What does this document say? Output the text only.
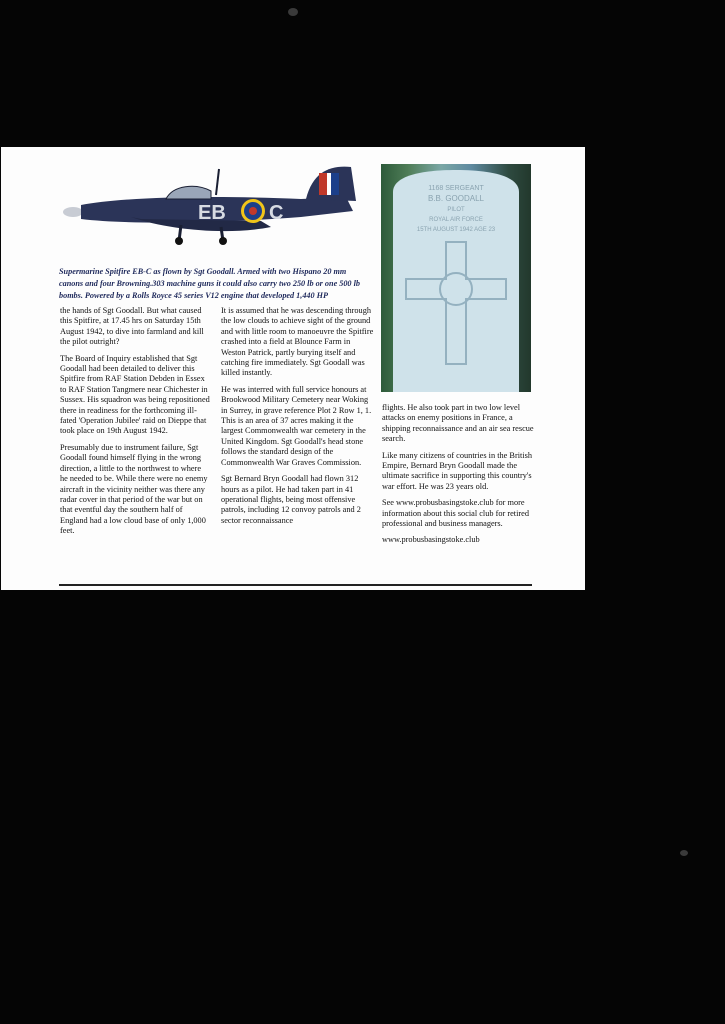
EB C

Supermarine Spitfire EB-C as flown by Sgt Goodall. Armed with two Hispano 20 mm canons and four Browning.303 machine guns it could also carry two 250 lb or one 500 lb bombs. Powered by a Rolls Royce 45 series V12 engine that developed 1,440 HP

1168 SERGEANT
B.B. GOODALL
PILOT
ROYAL AIR FORCE
15TH AUGUST 1942 AGE 23

the hands of Sgt Goodall. But what caused this Spitfire, at 17.45 hrs on Saturday 15th August 1942, to dive into farmland and kill the pilot outright?

The Board of Inquiry established that Sgt Goodall had been detailed to deliver this Spitfire from RAF Station Debden in Essex to RAF Station Tangmere near Chichester in Sussex. His squadron was being repositioned there in readiness for the forthcoming ill-fated 'Operation Jubilee' raid on Dieppe that took place on 19th August 1942.

Presumably due to instrument failure, Sgt Goodall found himself flying in the wrong direction, a little to the northwest to where he needed to be. While there were no enemy aircraft in the vicinity neither was there any radar cover in that period of the war but on that eventful day the southern half of England had a low cloud base of only 1,000 feet.

It is assumed that he was descending through the low clouds to achieve sight of the ground and with little room to manoeuvre the Spitfire crashed into a field at Blounce Farm in Weston Patrick, partly burying itself and catching fire immediately. Sgt Goodall was killed instantly.

He was interred with full service honours at Brookwood Military Cemetery near Woking in Surrey, in grave reference Plot 2 Row 1, 1. This is an area of 37 acres making it the largest Commonwealth war cemetery in the United Kingdom. Sgt Goodall's head stone follows the standard design of the Commonwealth War Graves Commission.

Sgt Bernard Bryn Goodall had flown 312 hours as a pilot. He had taken part in 41 operational flights, being most offensive patrols, including 12 convoy patrols and 2 sector reconnaissance

flights. He also took part in two low level attacks on enemy positions in France, a shipping reconnaissance and an air sea rescue search.

Like many citizens of countries in the British Empire, Bernard Bryn Goodall made the ultimate sacrifice in supporting this country's war effort. He was 23 years old.

See www.probusbasingstoke.club for more information about this social club for retired professional and business managers.

www.probusbasingstoke.club
